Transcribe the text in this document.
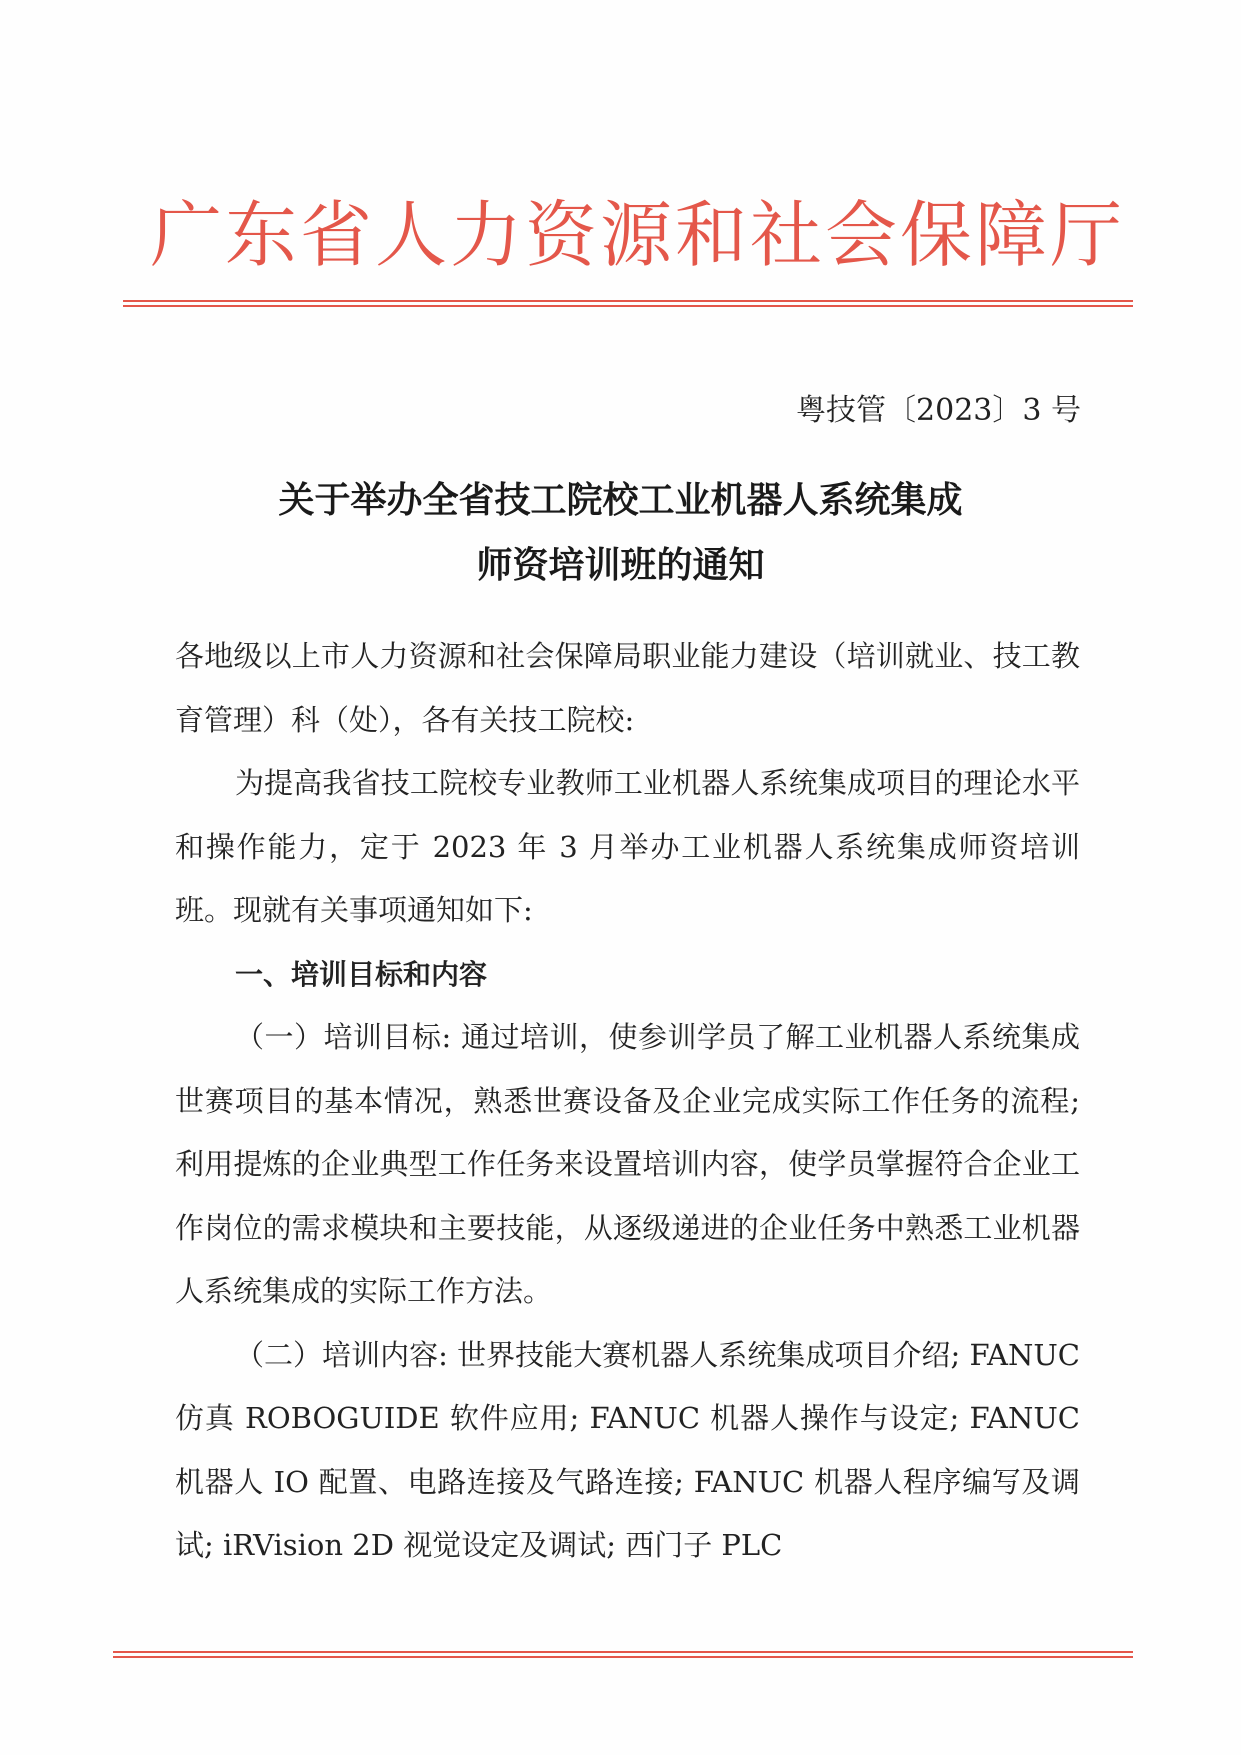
广东省人力资源和社会保障厅
粤技管〔2023〕3 号
关于举办全省技工院校工业机器人系统集成
师资培训班的通知

各地级以上市人力资源和社会保障局职业能力建设（培训就业、技工教育管理）科（处），各有关技工院校:

为提高我省技工院校专业教师工业机器人系统集成项目的理论水平和操作能力，定于 2023 年 3 月举办工业机器人系统集成师资培训班。现就有关事项通知如下:

一、培训目标和内容

（一）培训目标: 通过培训，使参训学员了解工业机器人系统集成世赛项目的基本情况，熟悉世赛设备及企业完成实际工作任务的流程; 利用提炼的企业典型工作任务来设置培训内容，使学员掌握符合企业工作岗位的需求模块和主要技能，从逐级递进的企业任务中熟悉工业机器人系统集成的实际工作方法。

（二）培训内容: 世界技能大赛机器人系统集成项目介绍; FANUC 仿真 ROBOGUIDE 软件应用; FANUC 机器人操作与设定; FANUC 机器人 IO 配置、电路连接及气路连接; FANUC 机器人程序编写及调试; iRVision 2D 视觉设定及调试; 西门子 PLC
